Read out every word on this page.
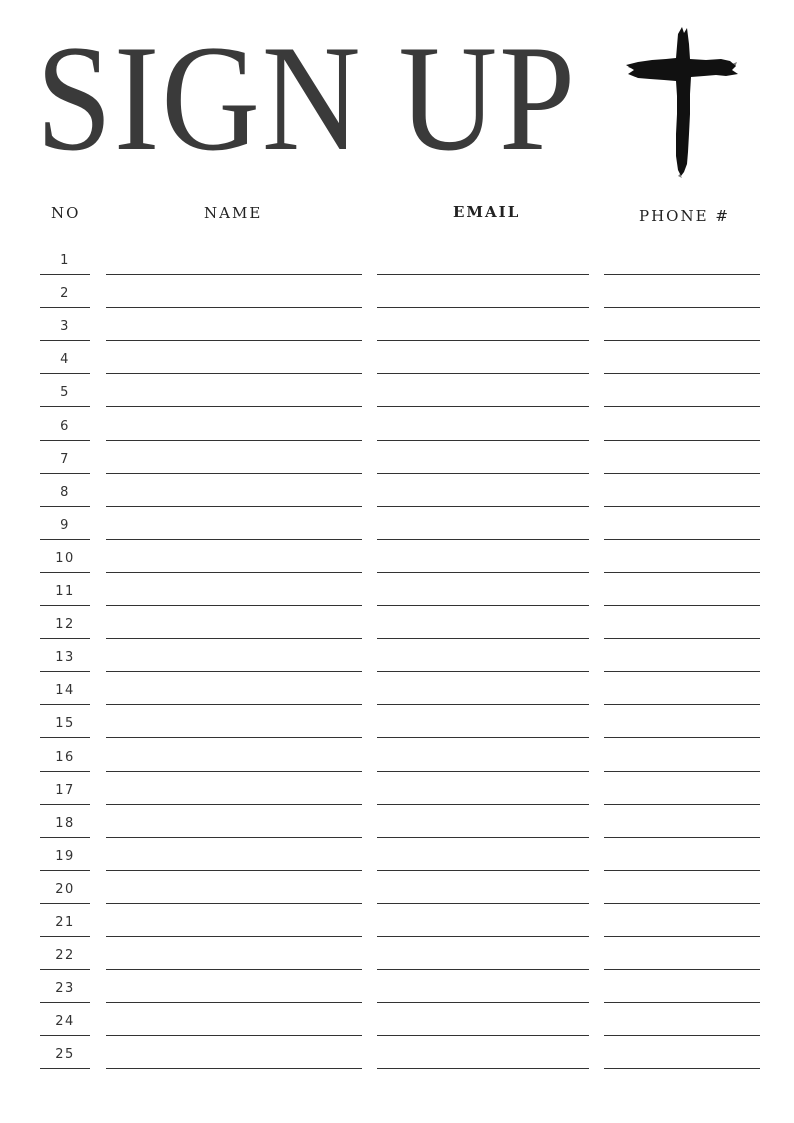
SIGN UP
NO	NAME	EMAIL	PHONE #
1
2
3
4
5
6
7
8
9
10
11
12
13
14
15
16
17
18
19
20
21
22
23
24
25
